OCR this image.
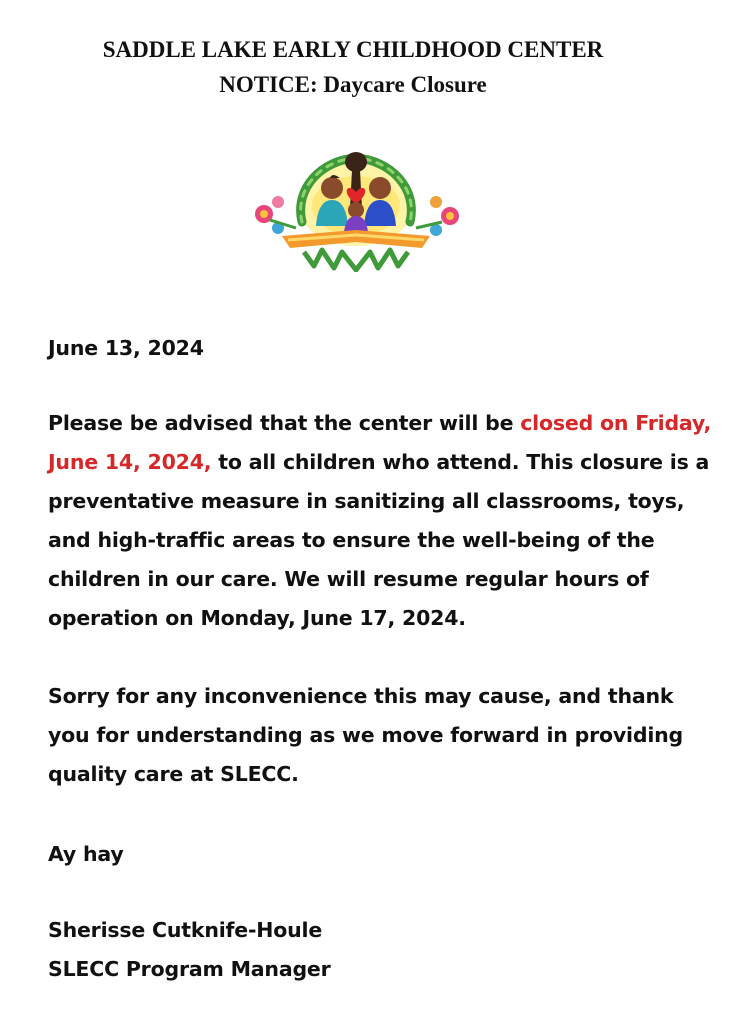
SADDLE LAKE EARLY CHILDHOOD CENTER
NOTICE: Daycare Closure

June 13, 2024

Please be advised that the center will be closed on Friday, June 14, 2024, to all children who attend. This closure is a preventative measure in sanitizing all classrooms, toys, and high-traffic areas to ensure the well-being of the children in our care. We will resume regular hours of operation on Monday, June 17, 2024.

Sorry for any inconvenience this may cause, and thank you for understanding as we move forward in providing quality care at SLECC.

Ay hay

Sherisse Cutknife-Houle

SLECC Program Manager
